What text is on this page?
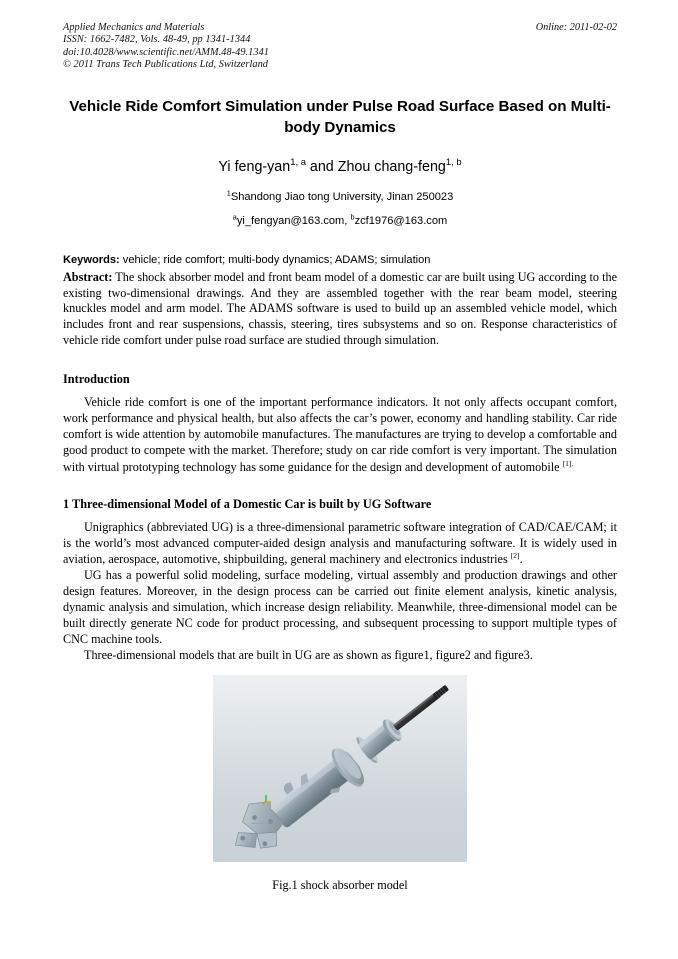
Applied Mechanics and Materials
ISSN: 1662-7482, Vols. 48-49, pp 1341-1344
doi:10.4028/www.scientific.net/AMM.48-49.1341
© 2011 Trans Tech Publications Ltd, Switzerland
Online: 2011-02-02
Vehicle Ride Comfort Simulation under Pulse Road Surface Based on Multi-body Dynamics
Yi feng-yan$^{1, a}$ and Zhou chang-feng$^{1, b}$
$^1$Shandong Jiao tong University, Jinan 250023
$^a$yi_fengyan@163.com, $^b$zcf1976@163.com
Keywords: vehicle; ride comfort; multi-body dynamics; ADAMS; simulation
Abstract: The shock absorber model and front beam model of a domestic car are built using UG according to the existing two-dimensional drawings. And they are assembled together with the rear beam model, steering knuckles model and arm model. The ADAMS software is used to build up an assembled vehicle model, which includes front and rear suspensions, chassis, steering, tires subsystems and so on. Response characteristics of vehicle ride comfort under pulse road surface are studied through simulation.
Introduction

Vehicle ride comfort is one of the important performance indicators. It not only affects occupant comfort, work performance and physical health, but also affects the car’s power, economy and handling stability. Car ride comfort is wide attention by automobile manufactures. The manufactures are trying to develop a comfortable and good product to compete with the market. Therefore; study on car ride comfort is very important. The simulation with virtual prototyping technology has some guidance for the design and development of automobile $^{[1].}$

1 Three-dimensional Model of a Domestic Car is built by UG Software

Unigraphics (abbreviated UG) is a three-dimensional parametric software integration of CAD/CAE/CAM; it is the world’s most advanced computer-aided design analysis and manufacturing software. It is widely used in aviation, aerospace, automotive, shipbuilding, general machinery and electronics industries [2].

UG has a powerful solid modeling, surface modeling, virtual assembly and production drawings and other design features. Moreover, in the design process can be carried out finite element analysis, kinetic analysis, dynamic analysis and simulation, which increase design reliability. Meanwhile, three-dimensional model can be built directly generate NC code for product processing, and subsequent processing to support multiple types of CNC machine tools.

Three-dimensional models that are built in UG are as shown as figure1, figure2 and figure3.

Fig.1 shock absorber model
